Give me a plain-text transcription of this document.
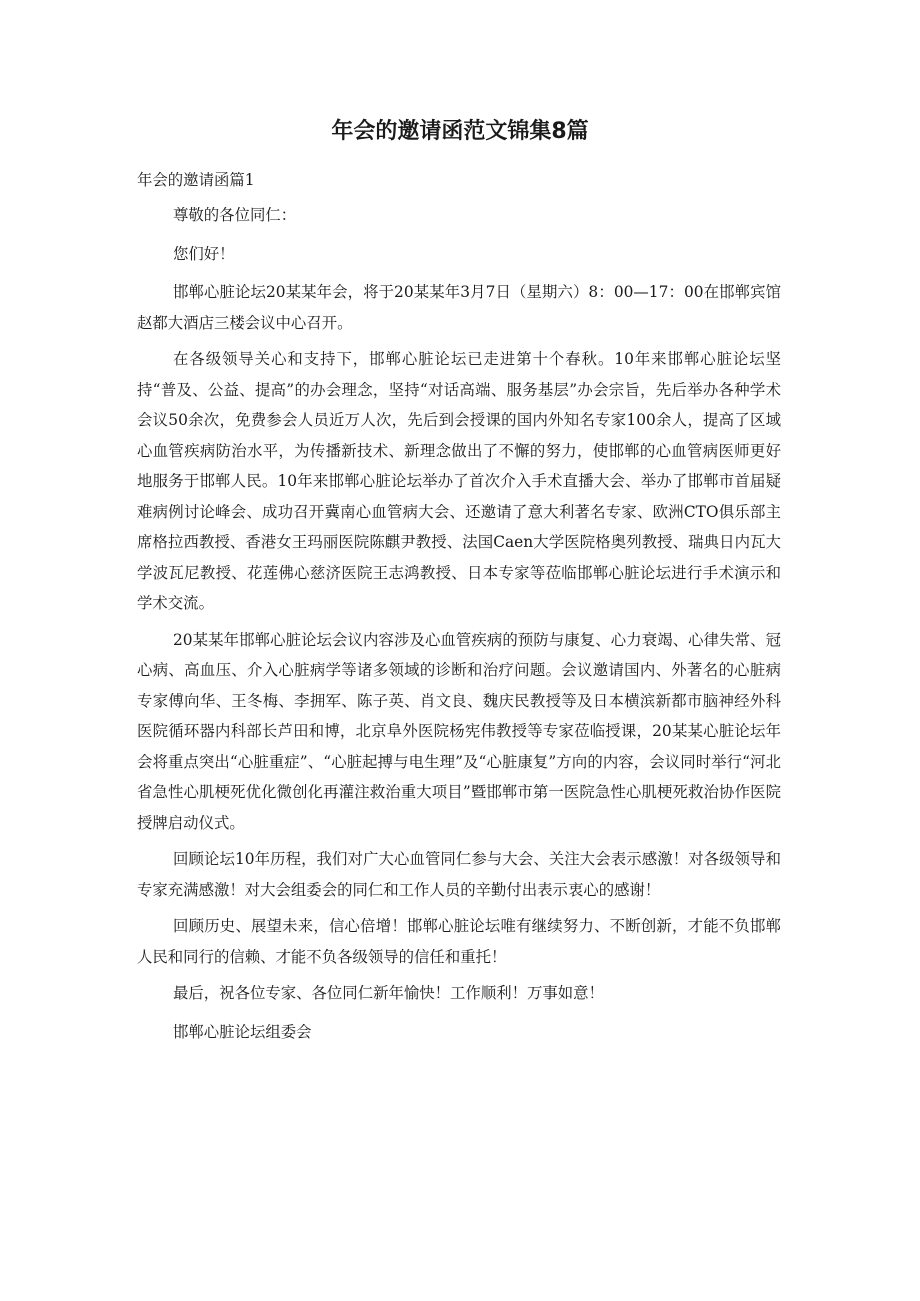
年会的邀请函范文锦集8篇

年会的邀请函篇1

尊敬的各位同仁：

您们好！

邯郸心脏论坛20某某年会，将于20某某年3月7日（星期六）8：00—17：00在邯郸宾馆赵都大酒店三楼会议中心召开。

在各级领导关心和支持下，邯郸心脏论坛已走进第十个春秋。10年来邯郸心脏论坛坚持“普及、公益、提高”的办会理念，坚持“对话高端、服务基层”办会宗旨，先后举办各种学术会议50余次，免费参会人员近万人次，先后到会授课的国内外知名专家100余人，提高了区域心血管疾病防治水平，为传播新技术、新理念做出了不懈的努力，使邯郸的心血管病医师更好地服务于邯郸人民。10年来邯郸心脏论坛举办了首次介入手术直播大会、举办了邯郸市首届疑难病例讨论峰会、成功召开冀南心血管病大会、还邀请了意大利著名专家、欧洲CTO俱乐部主席格拉西教授、香港女王玛丽医院陈麒尹教授、法国Caen大学医院格奥列教授、瑞典日内瓦大学波瓦尼教授、花莲佛心慈济医院王志鸿教授、日本专家等莅临邯郸心脏论坛进行手术演示和学术交流。

20某某年邯郸心脏论坛会议内容涉及心血管疾病的预防与康复、心力衰竭、心律失常、冠心病、高血压、介入心脏病学等诸多领域的诊断和治疗问题。会议邀请国内、外著名的心脏病专家傅向华、王冬梅、李拥军、陈子英、肖文良、魏庆民教授等及日本横滨新都市脑神经外科医院循环器内科部长芦田和博，北京阜外医院杨宪伟教授等专家莅临授课，20某某心脏论坛年会将重点突出“心脏重症”、“心脏起搏与电生理”及“心脏康复”方向的内容，会议同时举行“河北省急性心肌梗死优化微创化再灌注救治重大项目”暨邯郸市第一医院急性心肌梗死救治协作医院授牌启动仪式。

回顾论坛10年历程，我们对广大心血管同仁参与大会、关注大会表示感激！对各级领导和专家充满感激！对大会组委会的同仁和工作人员的辛勤付出表示衷心的感谢！

回顾历史、展望未来，信心倍增！邯郸心脏论坛唯有继续努力、不断创新，才能不负邯郸人民和同行的信赖、才能不负各级领导的信任和重托！

最后，祝各位专家、各位同仁新年愉快！工作顺利！万事如意！

邯郸心脏论坛组委会
